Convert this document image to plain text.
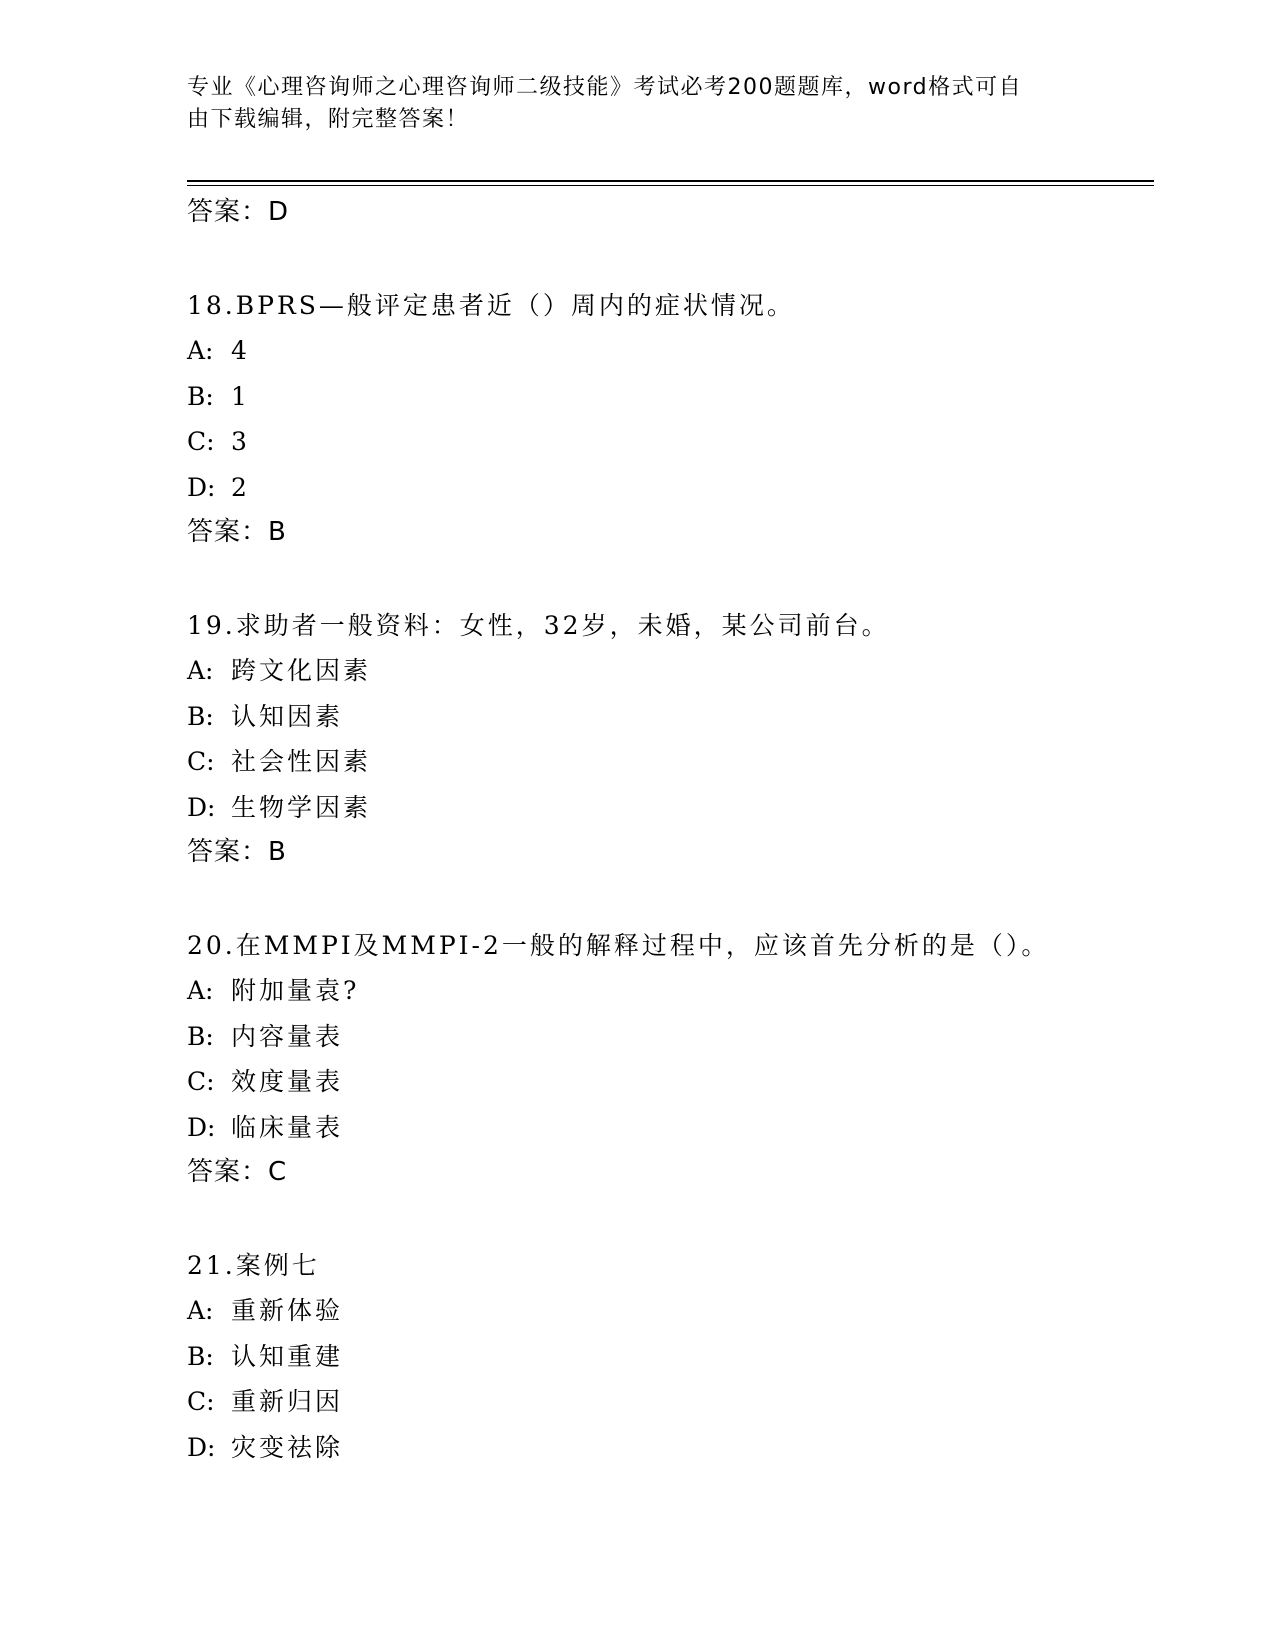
专业《心理咨询师之心理咨询师二级技能》考试必考200题题库，word格式可自
由下载编辑，附完整答案！
答案：D
18.BPRS—般评定患者近（）周内的症状情况。
A: 4
B: 1
C: 3
D: 2
答案：B
19.求助者一般资料：女性，32岁，未婚，某公司前台。
A: 跨文化因素
B: 认知因素
C: 社会性因素
D: 生物学因素
答案：B
20.在MMPI及MMPI-2一般的解释过程中，应该首先分析的是（）。
A: 附加量袁?
B: 内容量表
C: 效度量表
D: 临床量表
答案：C
21.案例七
A: 重新体验
B: 认知重建
C: 重新归因
D: 灾变祛除
